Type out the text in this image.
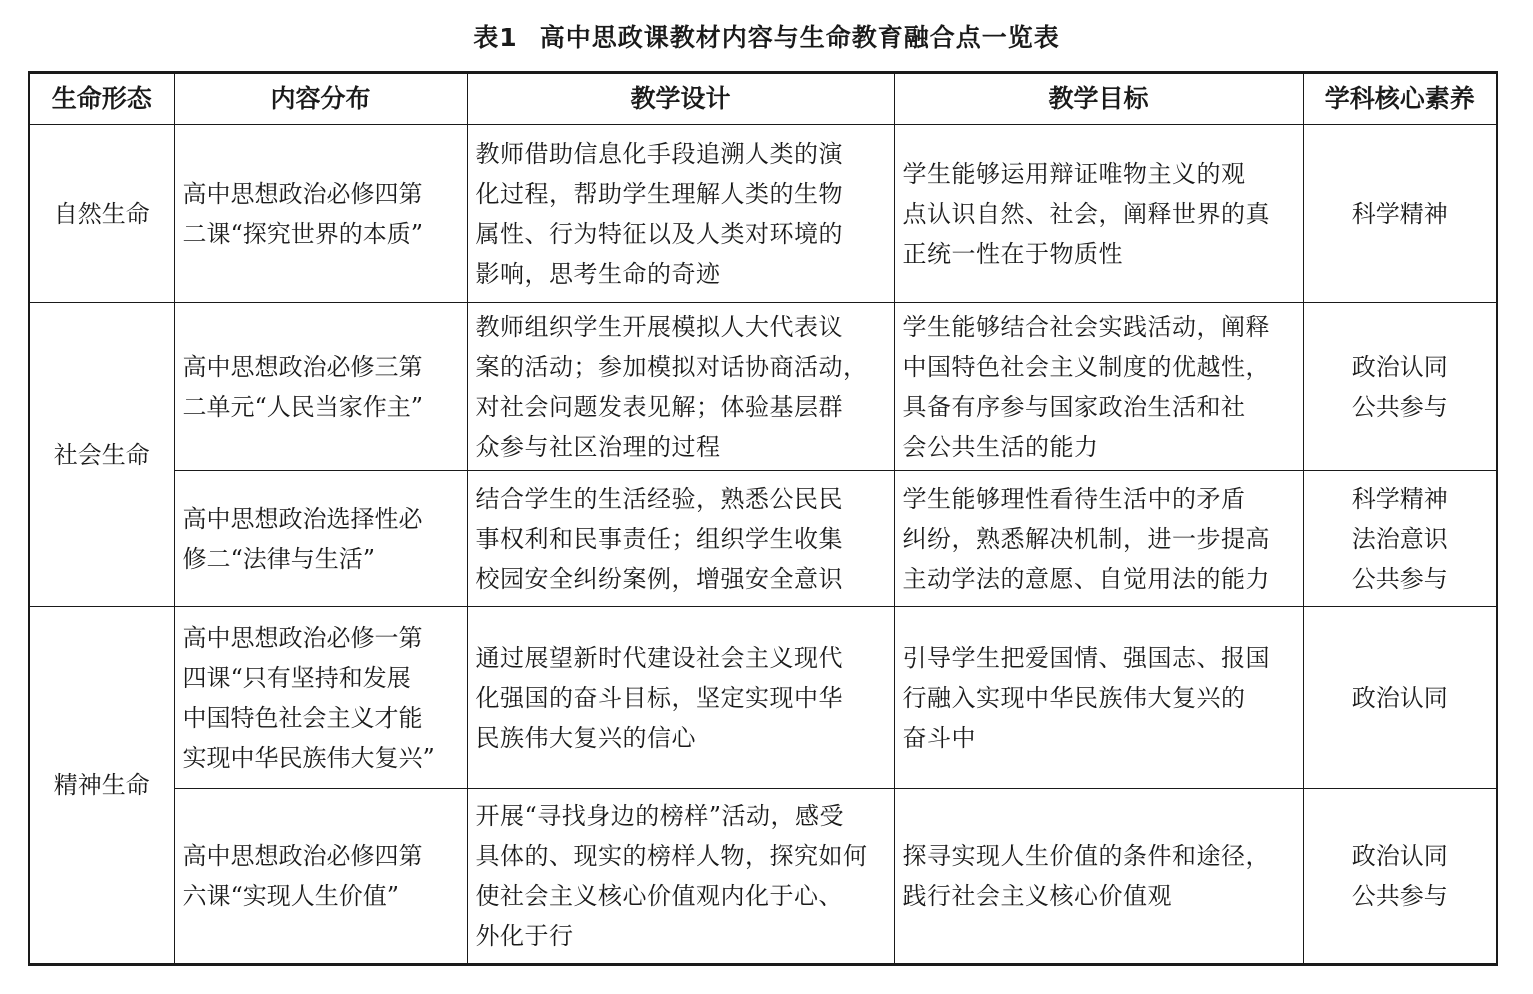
表1 高中思政课教材内容与生命教育融合点一览表
生命形态	内容分布	教学设计	教学目标	学科核心素养
自然生命	高中思想政治必修四第
二课“探究世界的本质”	教师借助信息化手段追溯人类的演
化过程，帮助学生理解人类的生物
属性、行为特征以及人类对环境的
影响，思考生命的奇迹	学生能够运用辩证唯物主义的观
点认识自然、社会，阐释世界的真
正统一性在于物质性	科学精神

社会生命	高中思想政治必修三第
二单元“人民当家作主”	教师组织学生开展模拟人大代表议
案的活动；参加模拟对话协商活动，
对社会问题发表见解；体验基层群
众参与社区治理的过程	学生能够结合社会实践活动，阐释
中国特色社会主义制度的优越性，
具备有序参与国家政治生活和社
会公共生活的能力	政治认同
公共参与

	高中思想政治选择性必
修二“法律与生活”	结合学生的生活经验，熟悉公民民
事权利和民事责任；组织学生收集
校园安全纠纷案例，增强安全意识	学生能够理性看待生活中的矛盾
纠纷，熟悉解决机制，进一步提高
主动学法的意愿、自觉用法的能力	科学精神
法治意识
公共参与

精神生命	高中思想政治必修一第
四课“只有坚持和发展
中国特色社会主义才能
实现中华民族伟大复兴”	通过展望新时代建设社会主义现代
化强国的奋斗目标，坚定实现中华
民族伟大复兴的信心	引导学生把爱国情、强国志、报国
行融入实现中华民族伟大复兴的
奋斗中	政治认同

	高中思想政治必修四第
六课“实现人生价值”	开展“寻找身边的榜样”活动，感受
具体的、现实的榜样人物，探究如何
使社会主义核心价值观内化于心、
外化于行	探寻实现人生价值的条件和途径，
践行社会主义核心价值观	政治认同
公共参与
